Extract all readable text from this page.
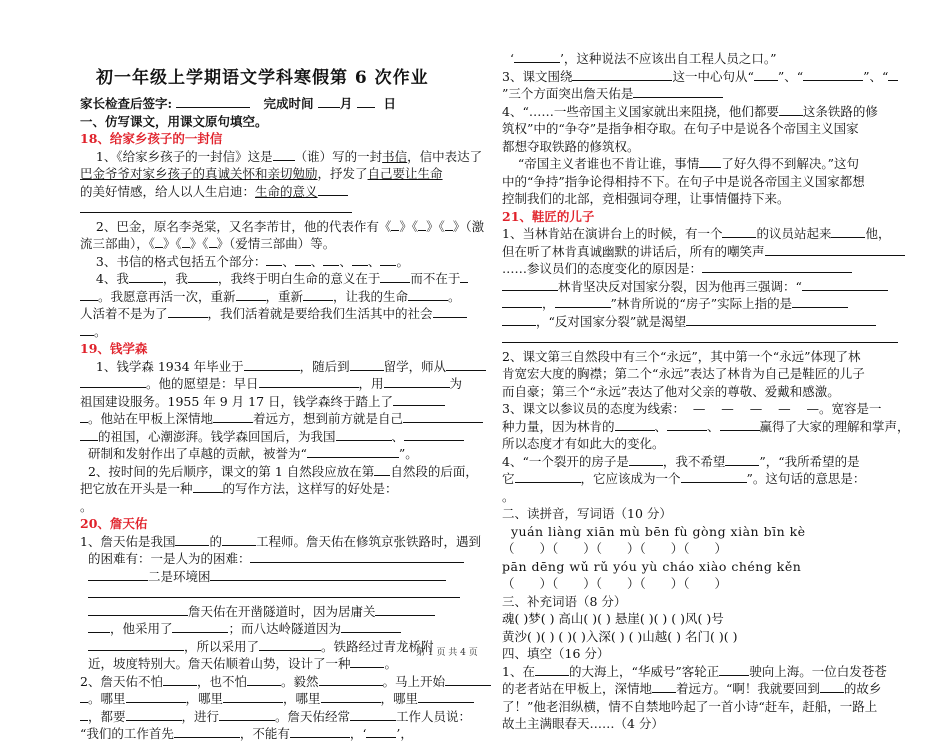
初一年级上学期语文学科寒假第 6 次作业

家长检查后签字:	完成时间 月 日

一、仿写课文，用课文原句填空。

18、给家乡孩子的一封信

1、《给家乡孩子的一封信》这是 （谁）写的一封书信，信中表达了

巴金爷爷对家乡孩子的真诚关怀和亲切勉励，抒发了自己要让生命

的美好情感，给人以人生启迪：生命的意义

2、巴金，原名李尧棠，又名李芾甘，他的代表作有《 》《 》《 》（激

流三部曲），《 》《 》《 》（爱情三部曲）等。

3、书信的格式包括五个部分： 、 、 、 、 。

4、我	，我 ，我终于明白生命的意义在于 而不在于

。我愿意再活一次，重新 ，重新 ，让我的生命	。

人活着不是为了	，我们活着就是要给我们生活其中的社会

。

19、钱学森

1、钱学森 1934 年毕业于	，随后到	留学，师从

。他的愿望是：早日	，用	为

祖国建设服务。1955 年 9 月 17 日，钱学森终于踏上了

。他站在甲板上深情地	着远方，想到前方就是自己

的祖国，心潮澎湃。钱学森回国后，为我国	、

研制和发射作出了卓越的贡献，被誉为“	”。

2、按时间的先后顺序，课文的第 1 自然段应放在第 自然段的后面，

把它放在开头是一种 的写作方法，这样写的好处是：

。

20、詹天佑

1、詹天佑是我国	的	工程师。詹天佑在修筑京张铁路时，遇到

的困难有：一是人为的困难：

二是环境困

詹天佑在开凿隧道时，因为居庸关

，他采用了	；而八达岭隧道因为

，所以采用了	。铁路经过青龙桥附

近，坡度特别大。詹天佑顺着山势，设计了一种	。

2、詹天佑不怕	，也不怕	。毅然	。马上开始

。哪里	，哪里	，哪里	，哪里

，都要	，进行	。詹天佑经常	工作人员说：

“我们的工作首先	，不能有	，‘ ’，

‘	’，这种说法不应该出自工程人员之口。”

3、课文围绕	这一中心句从“ ”、“	”、“

”三个方面突出詹天佑是

4、“……一些帝国主义国家就出来阻挠，他们都要 这条铁路的修

筑权”中的“争夺”是指争相夺取。在句子中是说各个帝国主义国家

都想夺取铁路的修筑权。

“帝国主义者谁也不肯让谁，事情 了好久得不到解决。”这句

中的“争持”指争论得相持不下。在句子中是说各帝国主义国家都想

控制我们的北部，竞相强词夺理，让事情僵持下来。

21、鞋匠的儿子

1、当林肯站在演讲台上的时候，有一个	的议员站起来	他，

但在听了林肯真诚幽默的讲话后，所有的嘲笑声

……参议员们的态度变化的原因是：

林肯坚决反对国家分裂，因为他再三强调：“

，	”林肯所说的“房子”实际上指的是

，“反对国家分裂”就是渴望

2、课文第三自然段中有三个“永远”，其中第一个“永远”体现了林

肯宽宏大度的胸襟；第二个“永远”表达了林肯为自己是鞋匠的儿子

而自豪；第三个“永远”表达了他对父亲的尊敬、爱戴和感激。

3、课文以参议员的态度为线索：  —    —    —    —    —。宽容是一

种力量，因为林肯的	、	、	赢得了大家的理解和掌声，

所以态度才有如此大的变化。

4、“一个裂开的房子是	，我不希望	”，“我所希望的是

它	，它应该成为一个	”。这句话的意思是：

。

二、读拼音，写词语（10 分）

yuán liàng xiān mù bēn fù gòng xiàn bīn kè

（　　）（　　）（　　）（　　）（　　）

pān dēng wǔ rǔ yóu yù cháo xiào chéng kěn

（　　）（　　）（　　）（　　）（　　）

三、补充词语（8 分）

魂( )梦( ) 高山( )( ) 悬崖( )( ) ( )风( )号

黄沙( )( ) ( )( )入深( ) ( )山越( ) 名门( )( )

四、填空（16 分）

1、在	的大海上，“华威号”客轮正 驶向上海。一位白发苍苍

的老者站在甲板上，深情地 着远方。“啊！我就要回到 的故乡

了！”他老泪纵横，情不自禁地吟起了一首小诗“赶车，赶船，一路上

故土主满眼春天……（4 分）

第 1 页 共 4 页
